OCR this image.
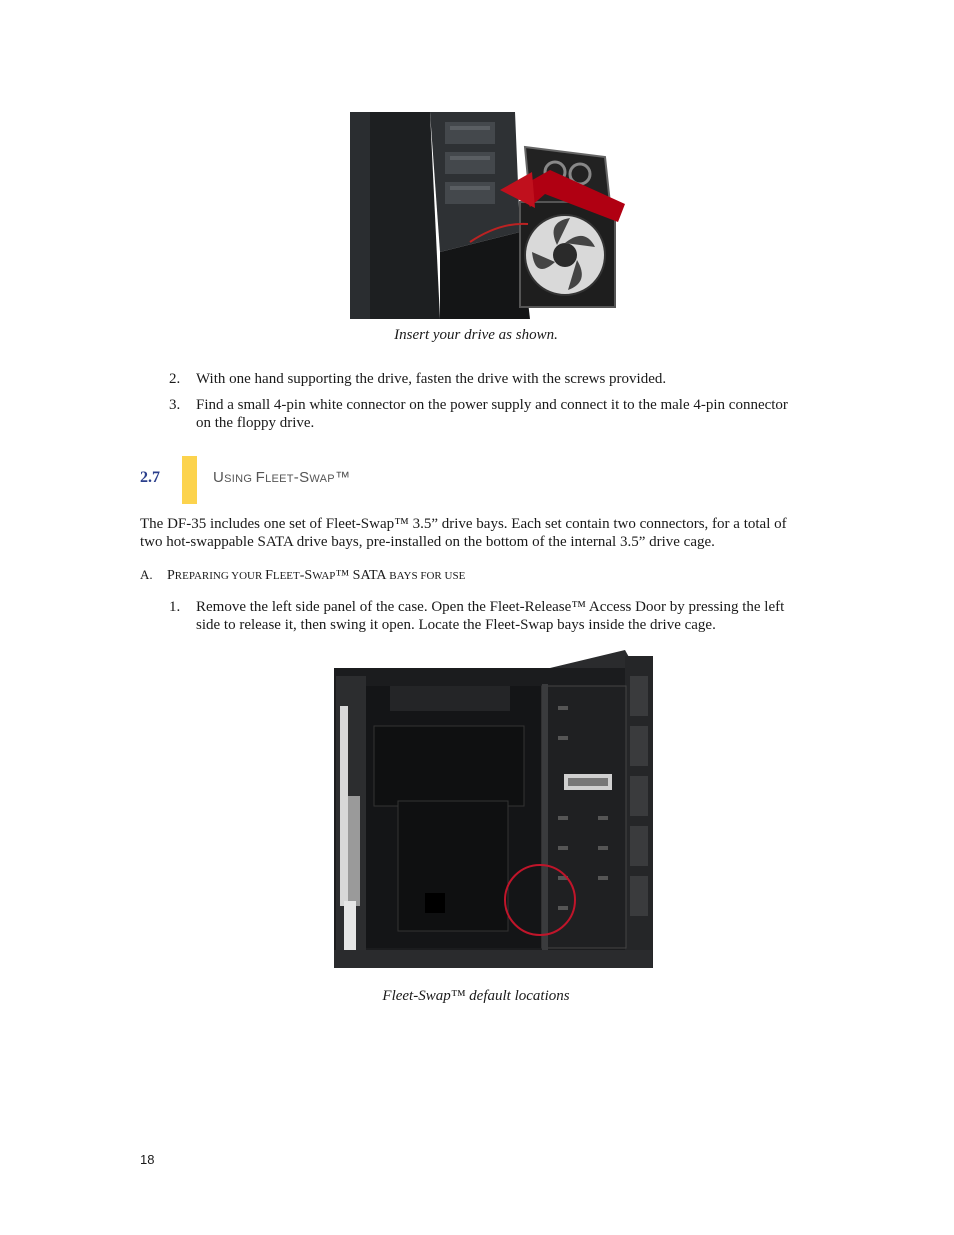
Insert your drive as shown.
2. With one hand supporting the drive, fasten the drive with the screws provided.
3. Find a small 4-pin white connector on the power supply and connect it to the male 4-pin connector on the floppy drive.
2.7	USING FLEET-SWAP™
The DF-35 includes one set of Fleet-Swap™ 3.5” drive bays. Each set contain two connectors, for a total of two hot-swappable SATA drive bays, pre-installed on the bottom of the internal 3.5” drive cage.
A. PREPARING YOUR FLEET-SWAP™ SATA BAYS FOR USE
1. Remove the left side panel of the case. Open the Fleet-Release™ Access Door by pressing the left side to release it, then swing it open. Locate the Fleet-Swap bays inside the drive cage.
Fleet-Swap™ default locations
18
